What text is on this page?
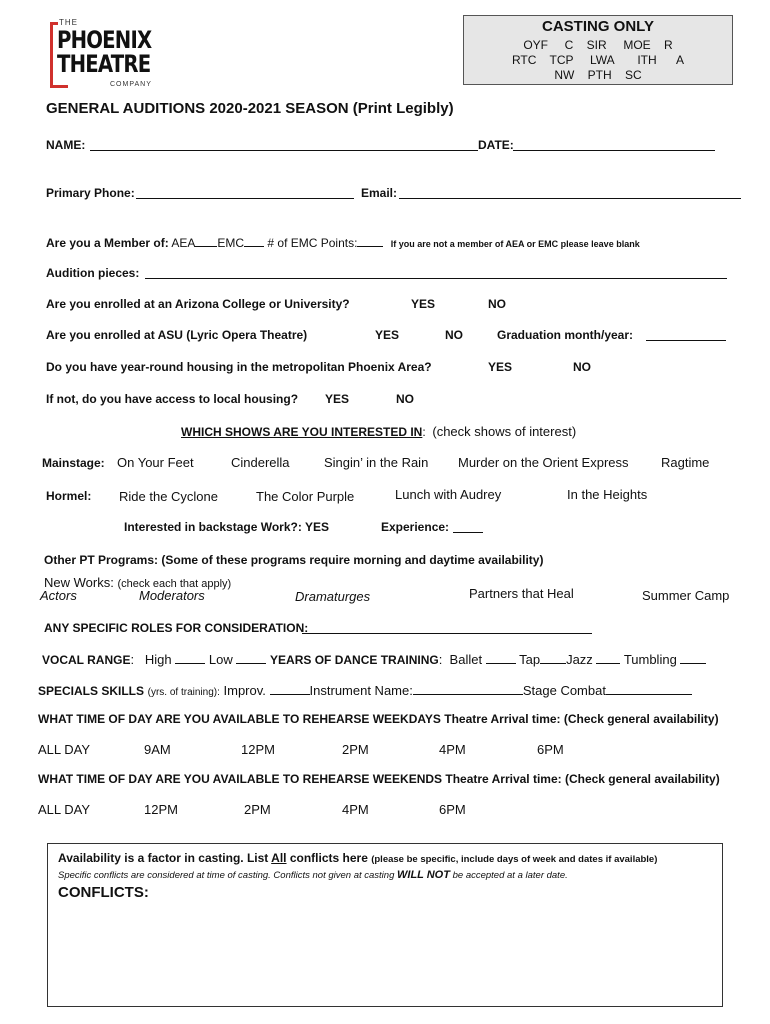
THE
PHOENIX
THEATRE
COMPANY
CASTING ONLY
OYF     C    SIR     MOE    R
RTC    TCP     LWA       ITH      A
NW    PTH    SC
GENERAL AUDITIONS 2020-2021 SEASON (Print Legibly)
NAME:	DATE:
Primary Phone:	Email:
Are you a Member of: AEA EMC # of EMC Points:	If you are not a member of AEA or EMC please leave blank
Audition pieces:
Are you enrolled at an Arizona College or University?	YES	NO
Are you enrolled at ASU (Lyric Opera Theatre)	YES	NO	Graduation month/year:
Do you have year-round housing in the metropolitan Phoenix Area?	YES	NO
If not, do you have access to local housing? YES	NO
WHICH SHOWS ARE YOU INTERESTED IN:  (check shows of interest)
Mainstage: On Your Feet	Cinderella	Singin’ in the Rain Murder on the Orient Express Ragtime
Hormel: Ride the Cyclone	The Color Purple	Lunch with Audrey	In the Heights
Interested in backstage Work?: YES	Experience:
Other PT Programs: (Some of these programs require morning and daytime availability)
New Works: (check each that apply)
Actors	Moderators	Dramaturges	Partners that Heal	Summer Camp
ANY SPECIFIC ROLES FOR CONSIDERATION:
VOCAL RANGE:   High	Low	YEARS OF DANCE TRAINING:  Ballet	Tap Jazz Tumbling
SPECIALS SKILLS (yrs. of training): Improv.	Instrument Name:	Stage Combat
WHAT TIME OF DAY ARE YOU AVAILABLE TO REHEARSE WEEKDAYS Theatre Arrival time: (Check general availability)
ALL DAY	9AM	12PM	2PM	4PM	6PM
WHAT TIME OF DAY ARE YOU AVAILABLE TO REHEARSE WEEKENDS Theatre Arrival time: (Check general availability)
ALL DAY	12PM	2PM	4PM	6PM
Availability is a factor in casting. List All conflicts here (please be specific, include days of week and dates if available)
Specific conflicts are considered at time of casting. Conflicts not given at casting WILL NOT be accepted at a later date.
CONFLICTS:
